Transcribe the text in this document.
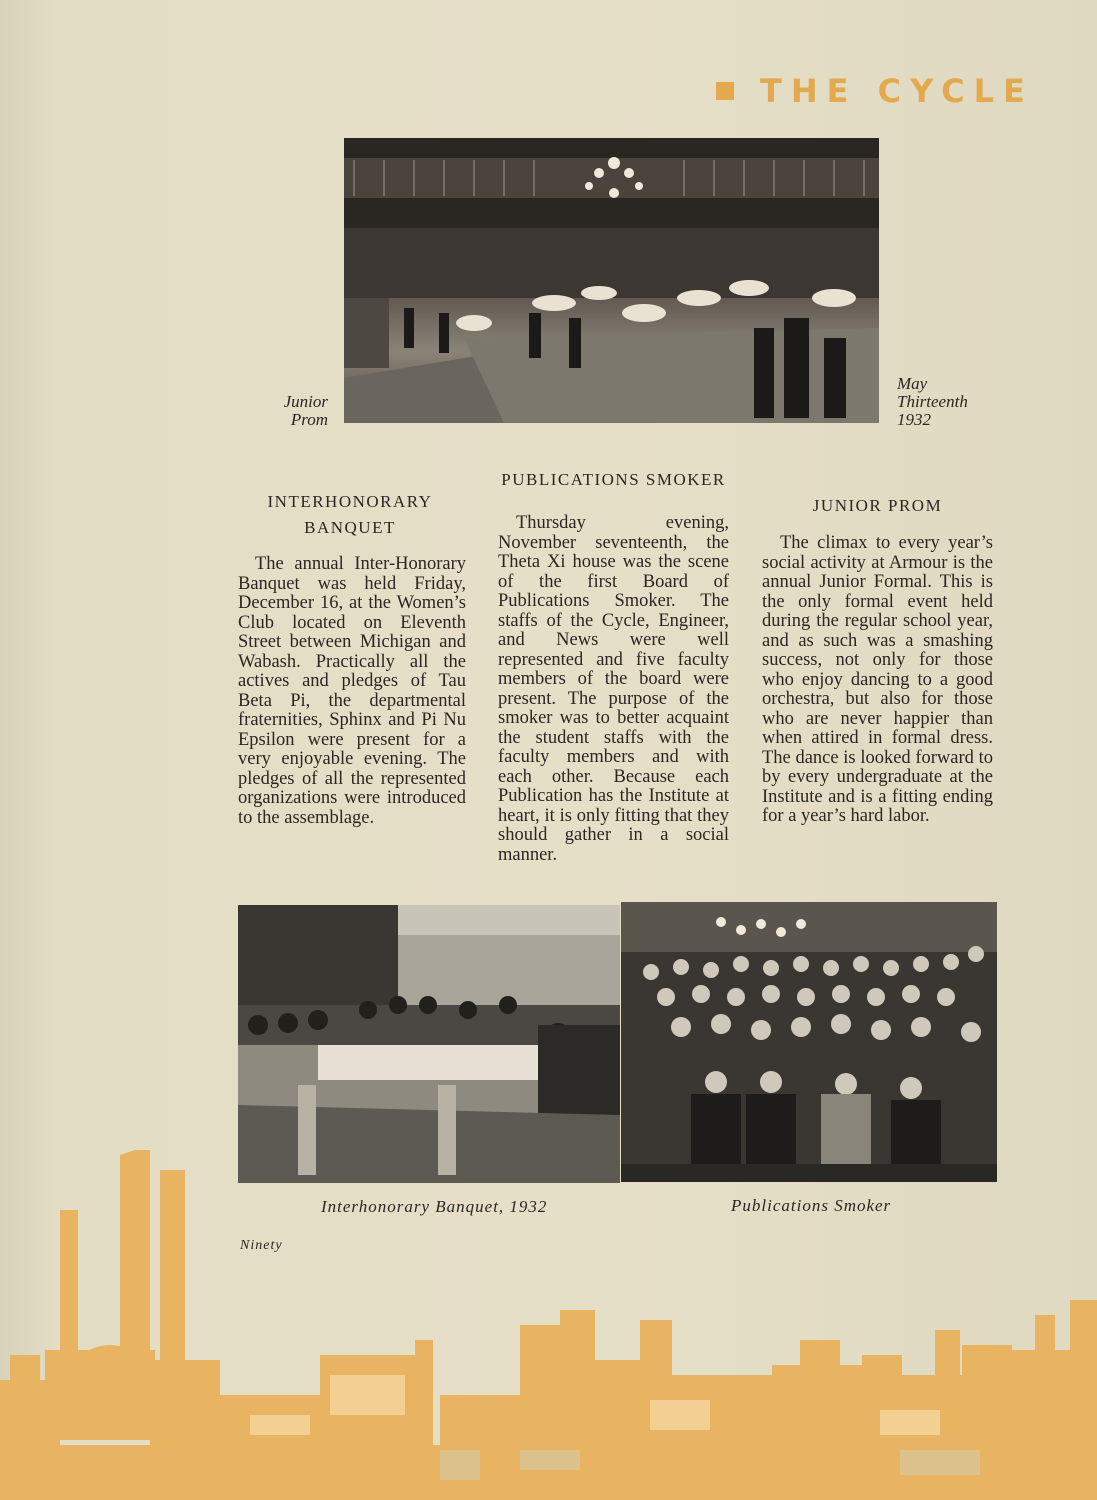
THE CYCLE
Junior
Prom
May
Thirteenth
1932
INTERHONORARY BANQUET
PUBLICATIONS SMOKER
JUNIOR PROM

The annual Inter-Honorary Banquet was held Friday, December 16, at the Women’s Club located on Eleventh Street between Michigan and Wabash. Practically all the actives and pledges of Tau Beta Pi, the departmental fraternities, Sphinx and Pi Nu Epsilon were present for a very enjoyable evening. The pledges of all the represented organizations were introduced to the assemblage.

Thursday evening, November seventeenth, the Theta Xi house was the scene of the first Board of Publications Smoker. The staffs of the Cycle, Engineer, and News were well represented and five faculty members of the board were present. The purpose of the smoker was to better acquaint the student staffs with the faculty members and with each other. Because each Publication has the Institute at heart, it is only fitting that they should gather in a social manner.

The climax to every year’s social activity at Armour is the annual Junior Formal. This is the only formal event held during the regular school year, and as such was a smashing success, not only for those who enjoy dancing to a good orchestra, but also for those who are never happier than when attired in formal dress. The dance is looked forward to by every undergraduate at the Institute and is a fitting ending for a year’s hard labor.

Interhonorary Banquet, 1932	Publications Smoker
Ninety
